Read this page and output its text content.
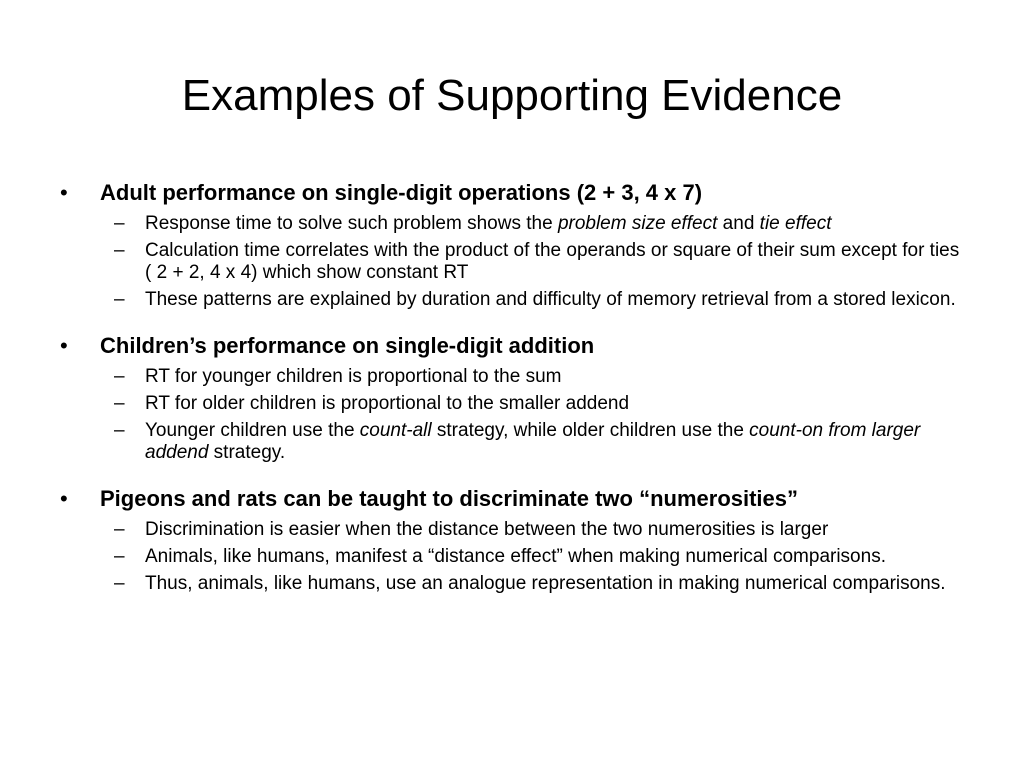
Examples of Supporting Evidence
•	Adult performance on single-digit operations (2 + 3, 4 x 7)
– Response time to solve such problem shows the problem size effect and tie effect
– Calculation time correlates with the product of the operands or square of their sum except for ties ( 2 + 2, 4 x 4) which show constant RT
– These patterns are explained by duration and difficulty of memory retrieval from a stored lexicon.
•	Children’s performance on single-digit addition
– RT for younger children is proportional to the sum
– RT for older children is proportional to the smaller addend
– Younger children use the count-all strategy, while older children use the count-on from larger addend strategy.
•	Pigeons and rats can be taught to discriminate two “numerosities”
– Discrimination is easier when the distance between the two numerosities is larger
– Animals, like humans, manifest a “distance effect” when making numerical comparisons.
– Thus, animals, like humans, use an analogue representation in making numerical comparisons.
